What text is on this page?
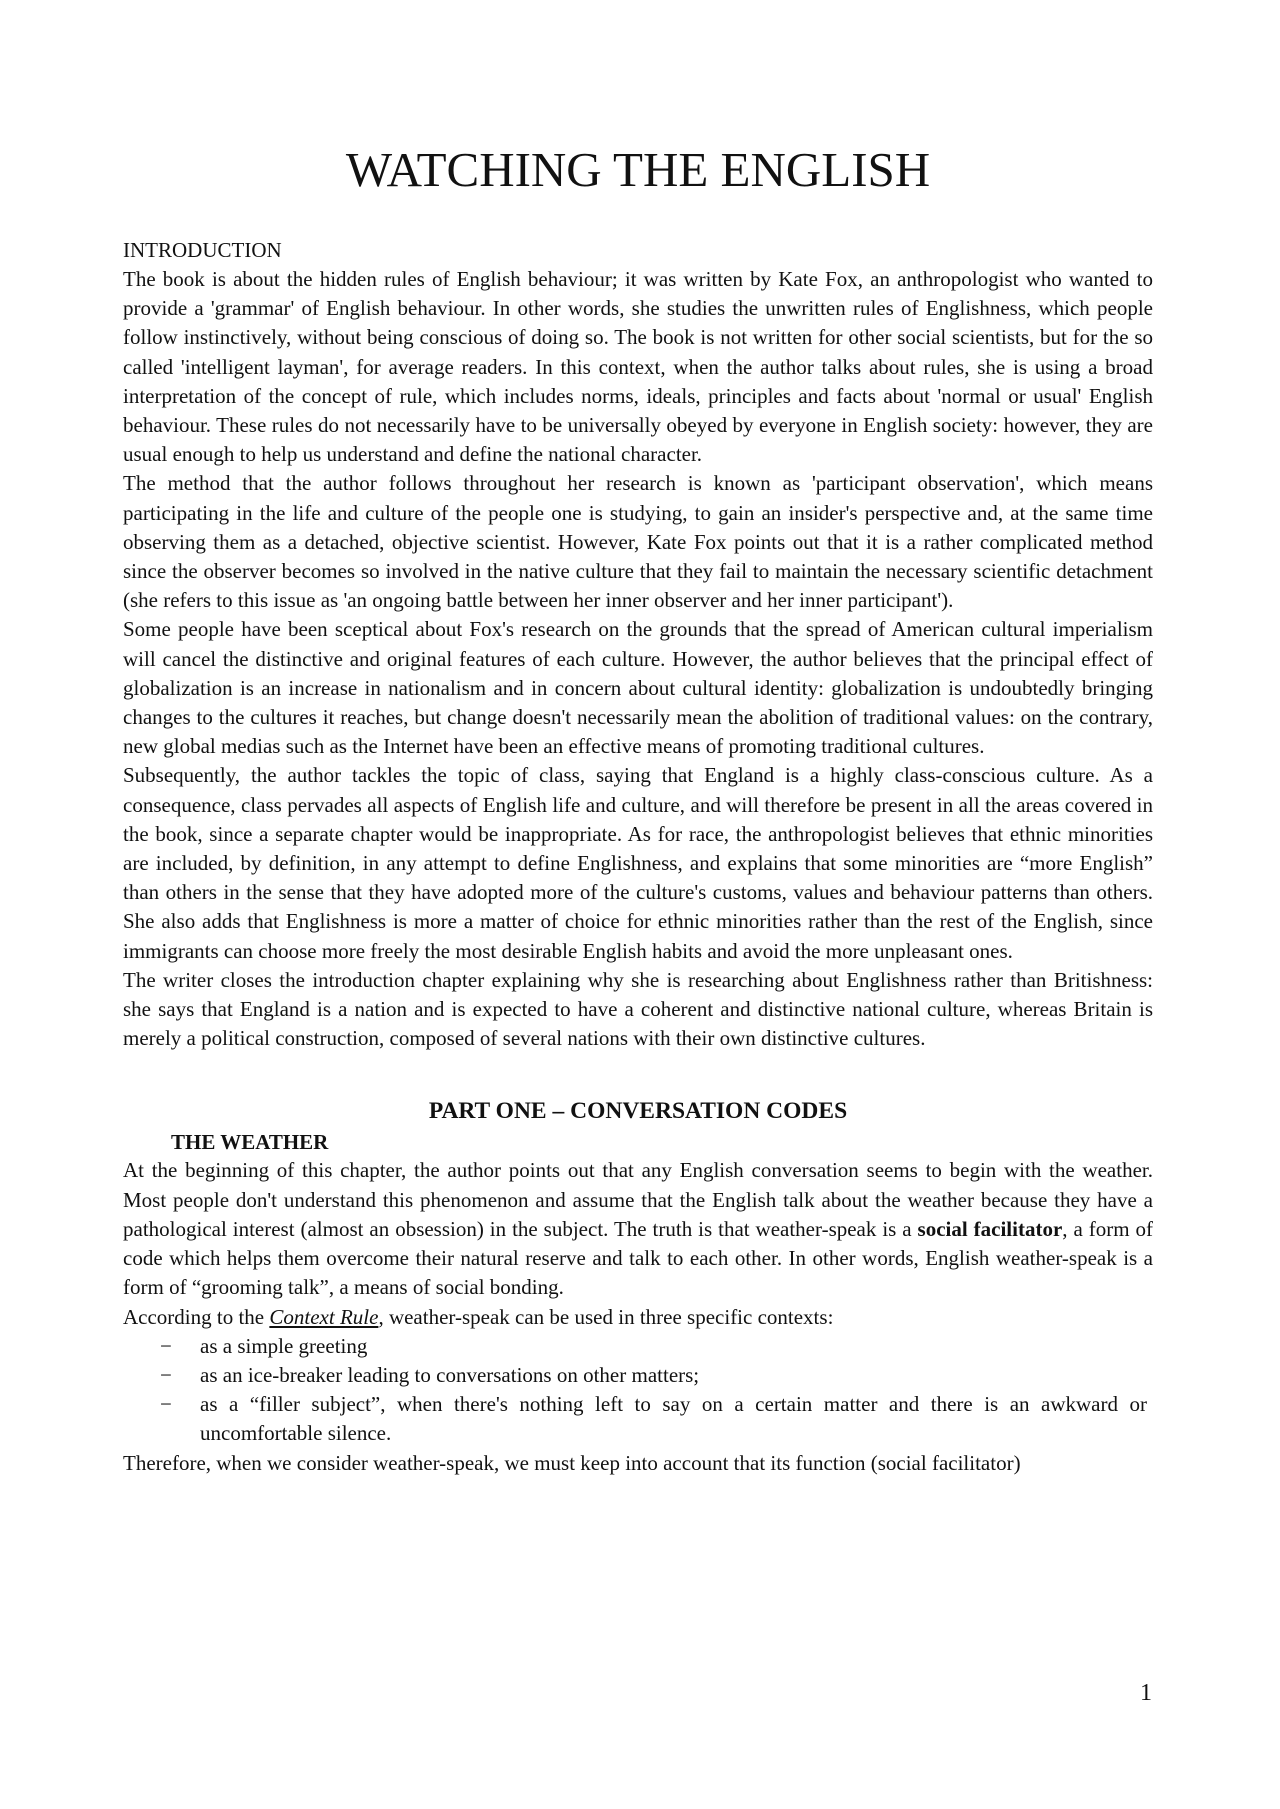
WATCHING THE ENGLISH
INTRODUCTION

The book is about the hidden rules of English behaviour; it was written by Kate Fox, an anthropologist who wanted to provide a 'grammar' of English behaviour. In other words, she studies the unwritten rules of Englishness, which people follow instinctively, without being conscious of doing so. The book is not written for other social scientists, but for the so called 'intelligent layman', for average readers. In this context, when the author talks about rules, she is using a broad interpretation of the concept of rule, which includes norms, ideals, principles and facts about 'normal or usual' English behaviour. These rules do not necessarily have to be universally obeyed by everyone in English society: however, they are usual enough to help us understand and define the national character.

The method that the author follows throughout her research is known as 'participant observation', which means participating in the life and culture of the people one is studying, to gain an insider's perspective and, at the same time observing them as a detached, objective scientist. However, Kate Fox points out that it is a rather complicated method since the observer becomes so involved in the native culture that they fail to maintain the necessary scientific detachment (she refers to this issue as 'an ongoing battle between her inner observer and her inner participant').

Some people have been sceptical about Fox's research on the grounds that the spread of American cultural imperialism will cancel the distinctive and original features of each culture. However, the author believes that the principal effect of globalization is an increase in nationalism and in concern about cultural identity: globalization is undoubtedly bringing changes to the cultures it reaches, but change doesn't necessarily mean the abolition of traditional values: on the contrary, new global medias such as the Internet have been an effective means of promoting traditional cultures.

Subsequently, the author tackles the topic of class, saying that England is a highly class-conscious culture. As a consequence, class pervades all aspects of English life and culture, and will therefore be present in all the areas covered in the book, since a separate chapter would be inappropriate. As for race, the anthropologist believes that ethnic minorities are included, by definition, in any attempt to define Englishness, and explains that some minorities are “more English” than others in the sense that they have adopted more of the culture's customs, values and behaviour patterns than others. She also adds that Englishness is more a matter of choice for ethnic minorities rather than the rest of the English, since immigrants can choose more freely the most desirable English habits and avoid the more unpleasant ones.

The writer closes the introduction chapter explaining why she is researching about Englishness rather than Britishness: she says that England is a nation and is expected to have a coherent and distinctive national culture, whereas Britain is merely a political construction, composed of several nations with their own distinctive cultures.

PART ONE – CONVERSATION CODES
THE WEATHER

At the beginning of this chapter, the author points out that any English conversation seems to begin with the weather. Most people don't understand this phenomenon and assume that the English talk about the weather because they have a pathological interest (almost an obsession) in the subject. The truth is that weather-speak is a social facilitator, a form of code which helps them overcome their natural reserve and talk to each other. In other words, English weather-speak is a form of “grooming talk”, a means of social bonding.

According to the Context Rule, weather-speak can be used in three specific contexts:

− as a simple greeting
− as an ice-breaker leading to conversations on other matters;
− as a “filler subject”, when there's nothing left to say on a certain matter and there is an awkward or uncomfortable silence.

Therefore, when we consider weather-speak, we must keep into account that its function (social facilitator)

1
